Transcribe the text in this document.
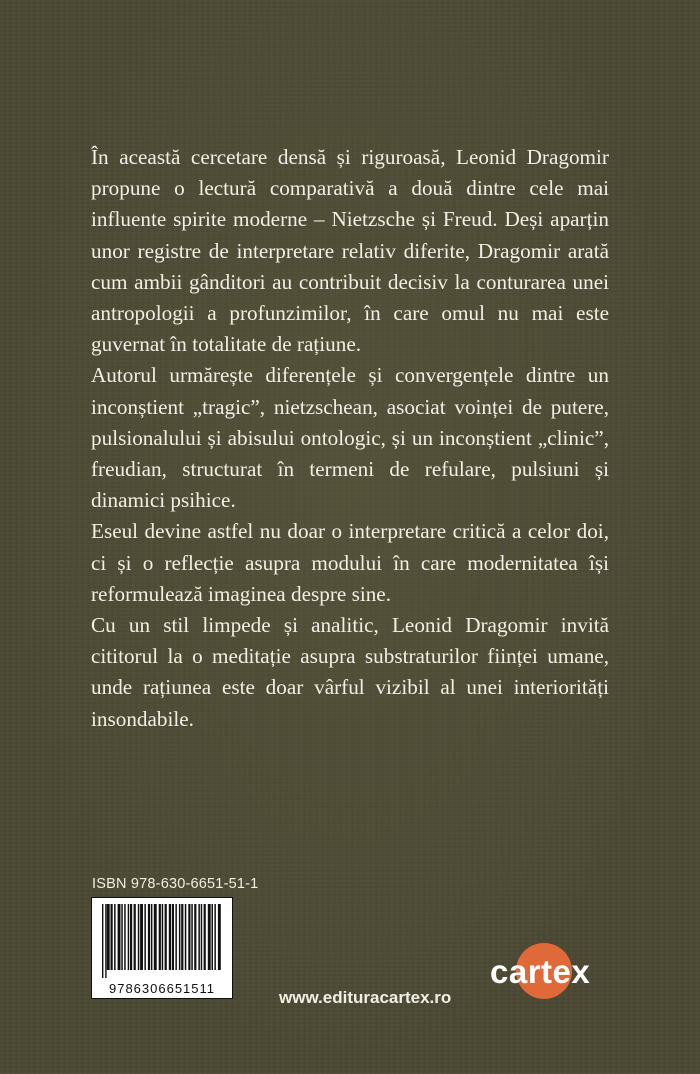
În această cercetare densă și riguroasă, Leonid Dragomir propune o lectură comparativă a două dintre cele mai influente spirite moderne – Nietzsche și Freud. Deși aparțin unor registre de interpretare relativ diferite, Dragomir arată cum ambii gânditori au contribuit decisiv la conturarea unei antropologii a profunzimilor, în care omul nu mai este guvernat în totalitate de rațiune.

Autorul urmărește diferențele și convergențele dintre un inconștient „tragic”, nietzschean, asociat voinței de putere, pulsionalului și abisului ontologic, și un inconștient „clinic”, freudian, structurat în termeni de refulare, pulsiuni și dinamici psihice.

Eseul devine astfel nu doar o interpretare critică a celor doi, ci și o reflecție asupra modului în care modernitatea își reformulează imaginea despre sine.

Cu un stil limpede și analitic, Leonid Dragomir invită cititorul la o meditație asupra substraturilor ființei umane, unde rațiunea este doar vârful vizibil al unei interiorități insondabile.

ISBN 978-630-6651-51-1
9786306651511	www.edituracartex.ro
cartex
